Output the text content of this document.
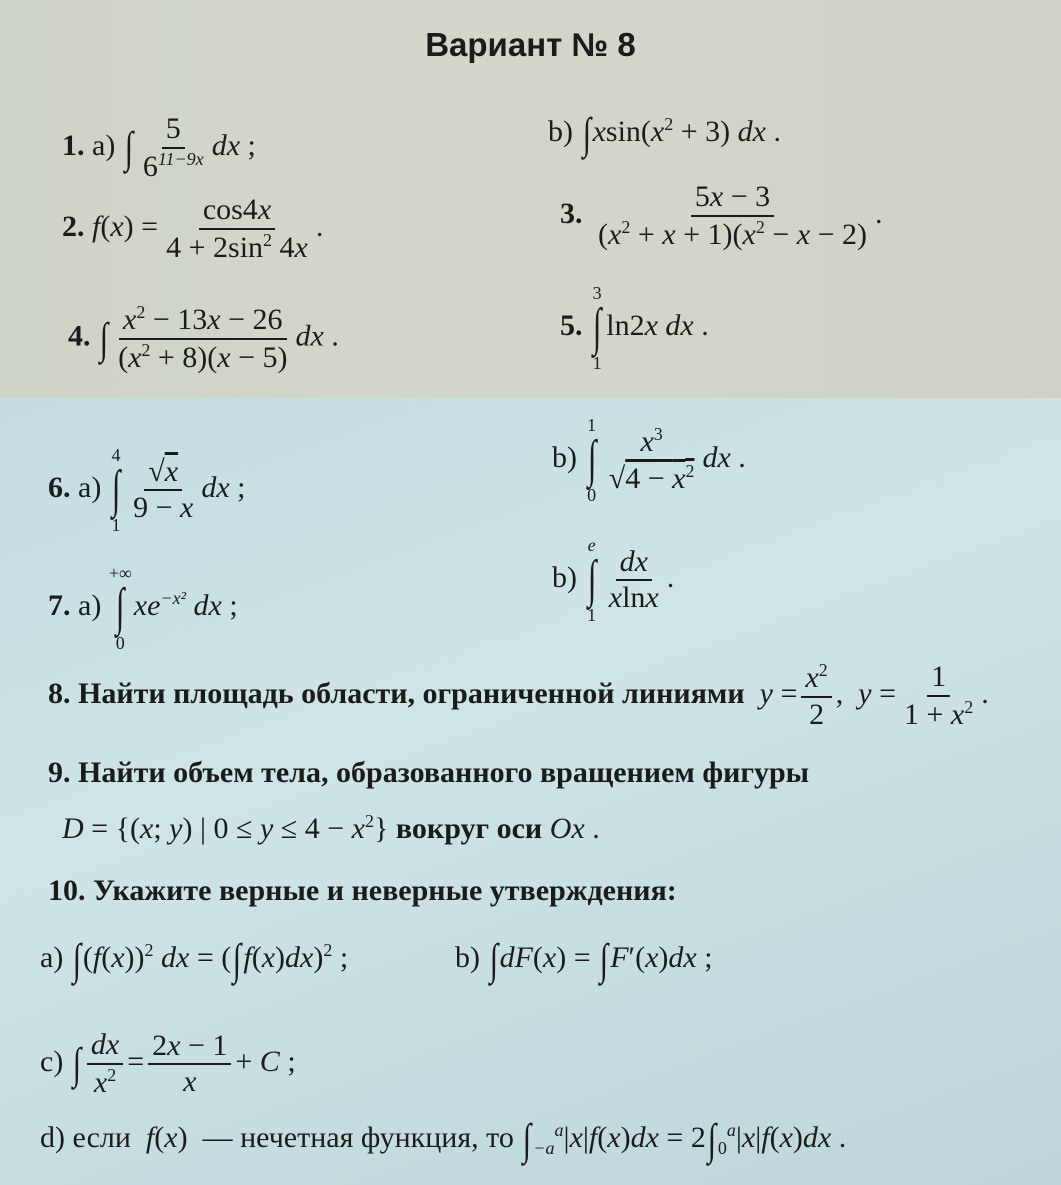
Вариант № 8
1. a) ∫ $\frac{5}{6^{11-9x}}$ dx ;	b) $\int xsin(x^2 + 3)$ dx .
2. $f(x) = \frac{\cos 4x}{4 + 2\sin^2 4x}$ .	3. $\frac{5x - 3}{(x^2 + x + 1)(x^2 - x - 2)}$ .
4. ∫ $\frac{x^2 - 13x - 26}{(x^2 + 8)(x - 5)}$ dx .	5.
3
∫
1
ln2x dx .
6. a)
4
∫
$1 \frac{√x}{9 - x}$ dx ;
b)
1
∫
$0 \frac{x^3}{√4 - x^2}$ dx .
7. a)
+∞
∫
0
$xe^{-x^2}$ dx ;
b)
e
∫
$1 \frac{dx}{xlnx}$ .
8. Найти площадь области, ограниченной линиями $y = \frac{x^2}{2}$ ,  $y = \frac{1}{1 + x^2}$ .
9. Найти объем тела, образованного вращением фигуры
D = {(x; y) | $0 \le y \le 4 - x^2$} вокруг оси Ox .
10. Укажите верные и неверные утверждения:
a) $\int(f(x))^2$ dx = $(\int f(x)dx)^2$ ;	b) ∫dF(x) = ∫F′(x)dx ;
c) ∫ $\frac{dx}{x^2} = \frac{2x - 1}{x} + C$ ;
d) если f(x)  — нечетная функция, то ∫ $_{-a}^a$|x|f(x)dx = 2∫ $_0^a$|x|f(x)dx .
